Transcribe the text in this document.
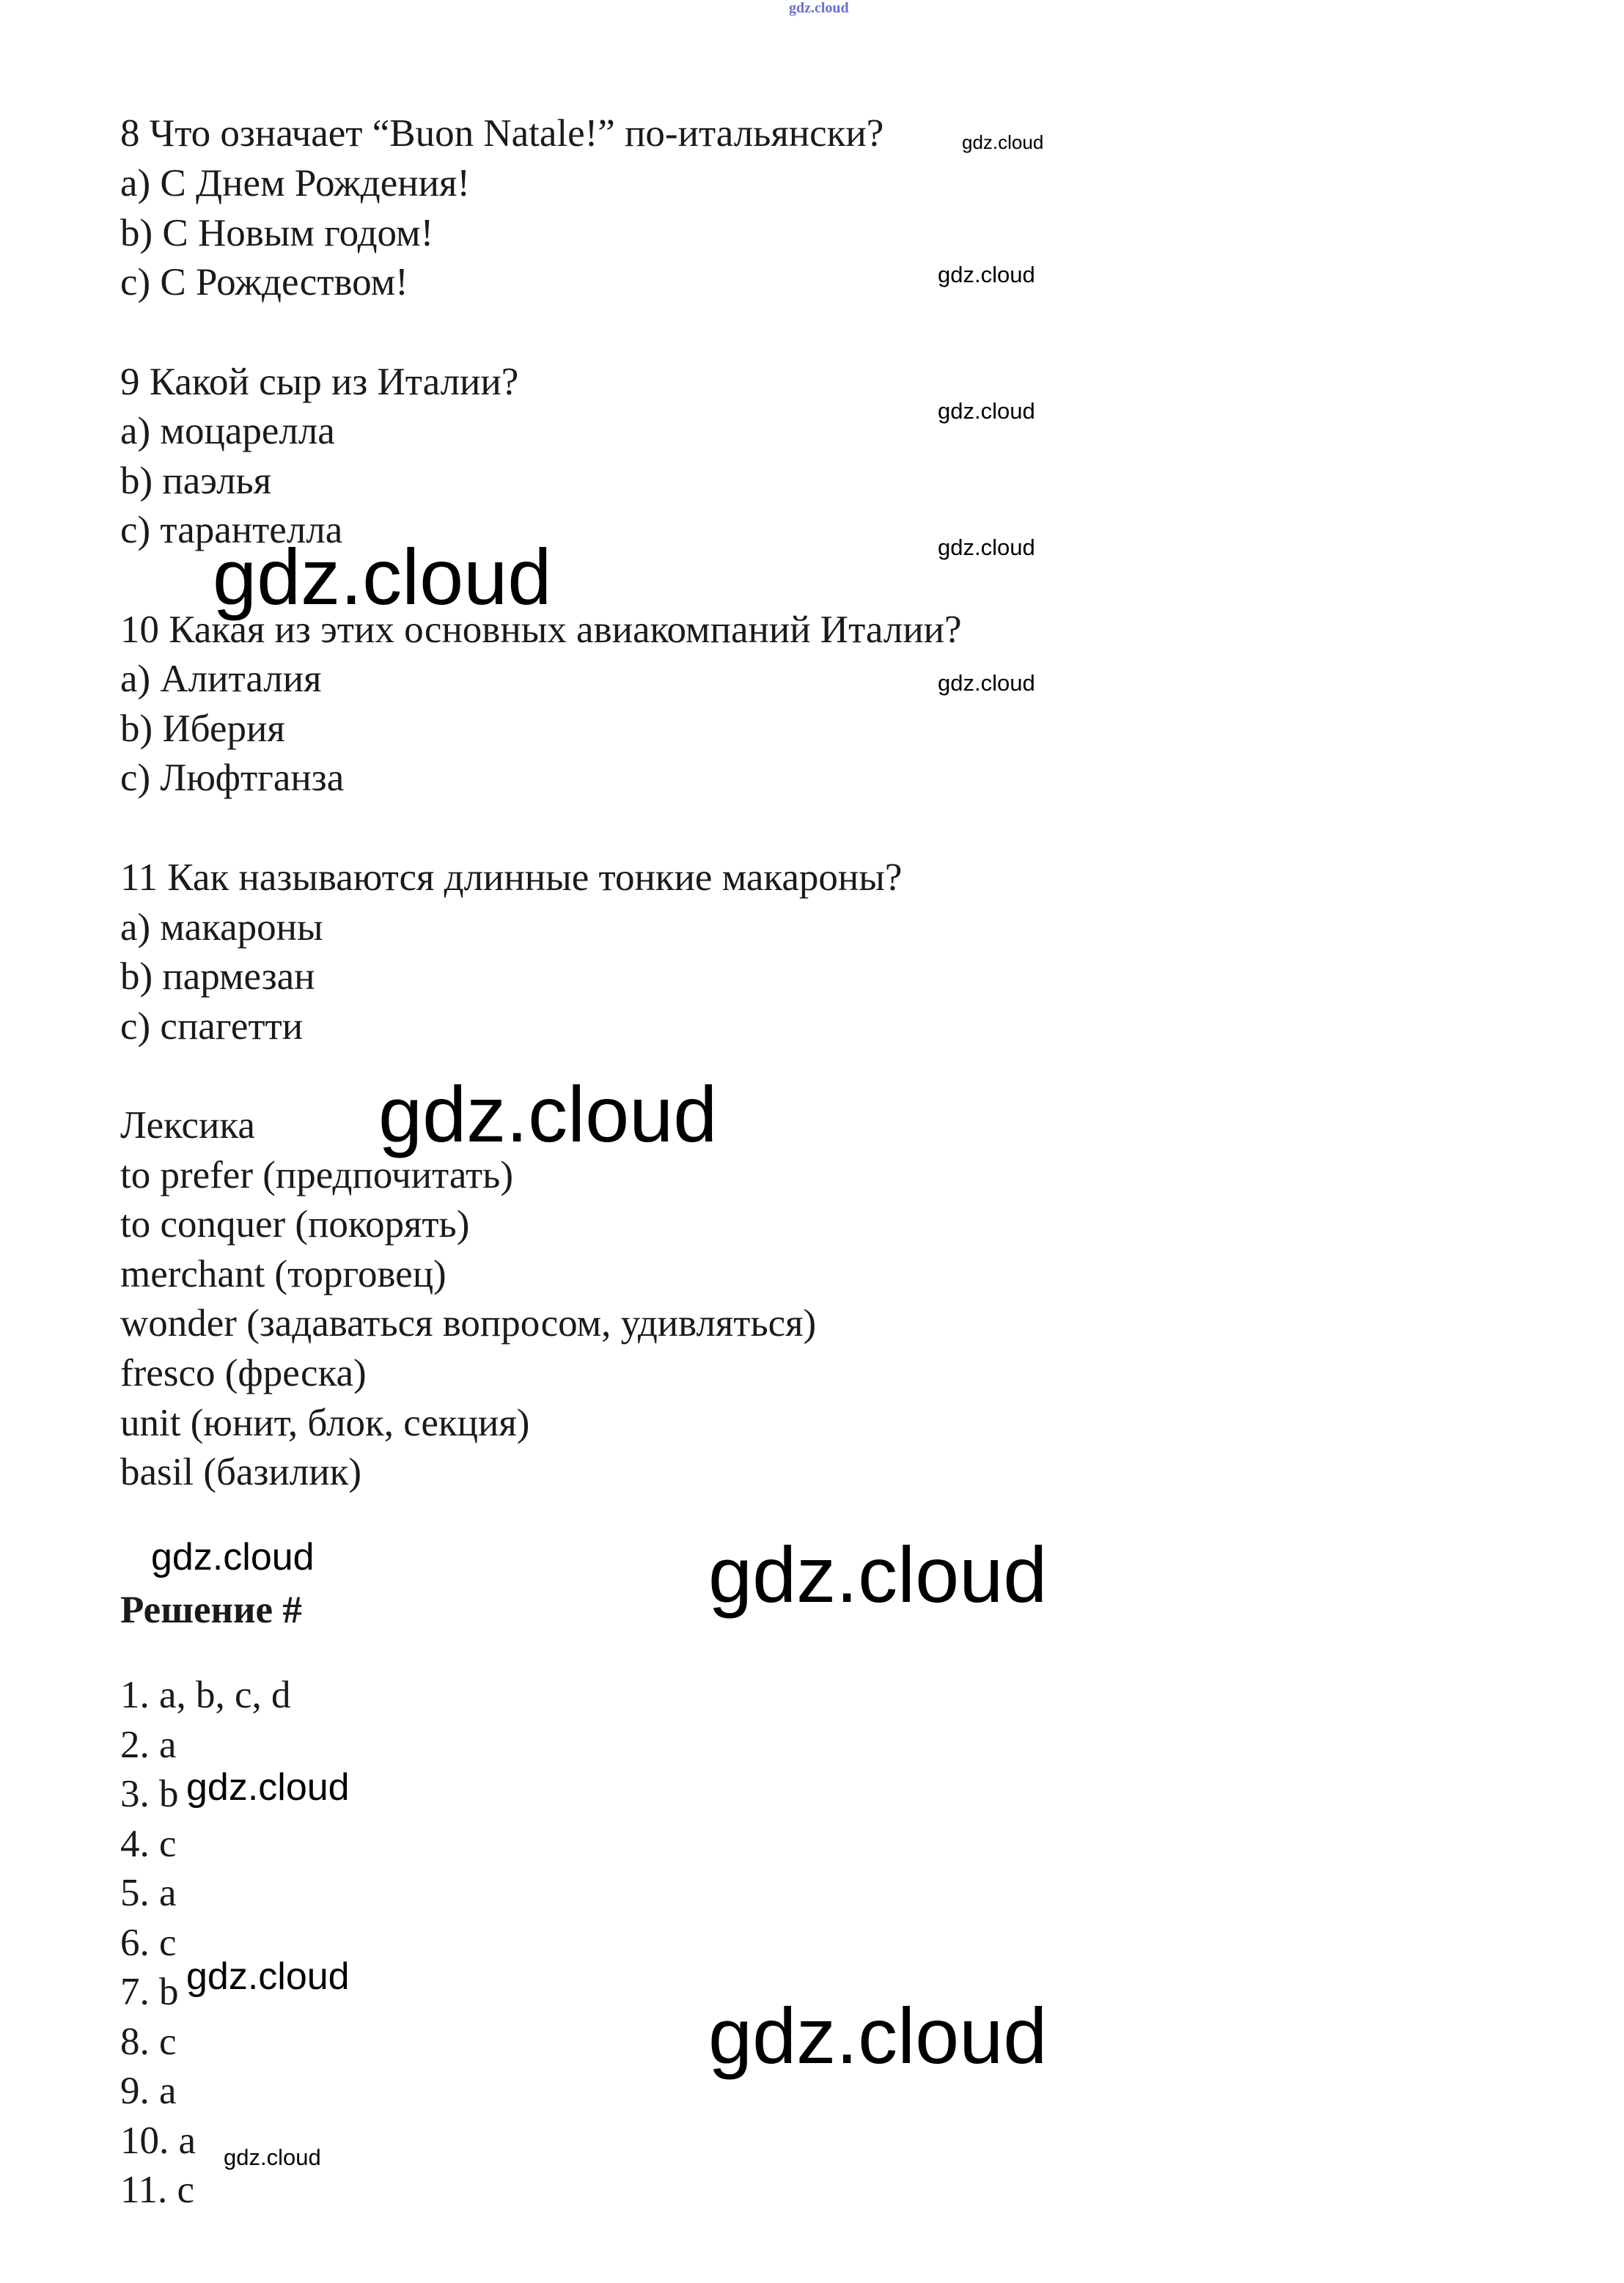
gdz.cloud
8 Что означает “Buon Natale!” по-итальянски?
a) С Днем Рождения!
b) С Новым годом!
c) С Рождеством!
9 Какой сыр из Италии?
a) моцарелла
b) паэлья
c) тарантелла
10 Какая из этих основных авиакомпаний Италии?
a) Алиталия
b) Иберия
c) Люфтганза
11 Как называются длинные тонкие макароны?
a) макароны
b) пармезан
c) спагетти
Лексика
to prefer (предпочитать)
to conquer (покорять)
merchant (торговец)
wonder (задаваться вопросом, удивляться)
fresco (фреска)
unit (юнит, блок, секция)
basil (базилик)
Решение #
1. a, b, c, d
2. a
3. b
4. c
5. a
6. c
7. b
8. c
9. a
10. a
11. c
gdz.cloud
gdz.cloud
gdz.cloud
gdz.cloud
gdz.cloud
gdz.cloud
gdz.cloud
gdz.cloud	gdz.cloud
gdz.cloud
gdz.cloud
gdz.cloud
gdz.cloud
